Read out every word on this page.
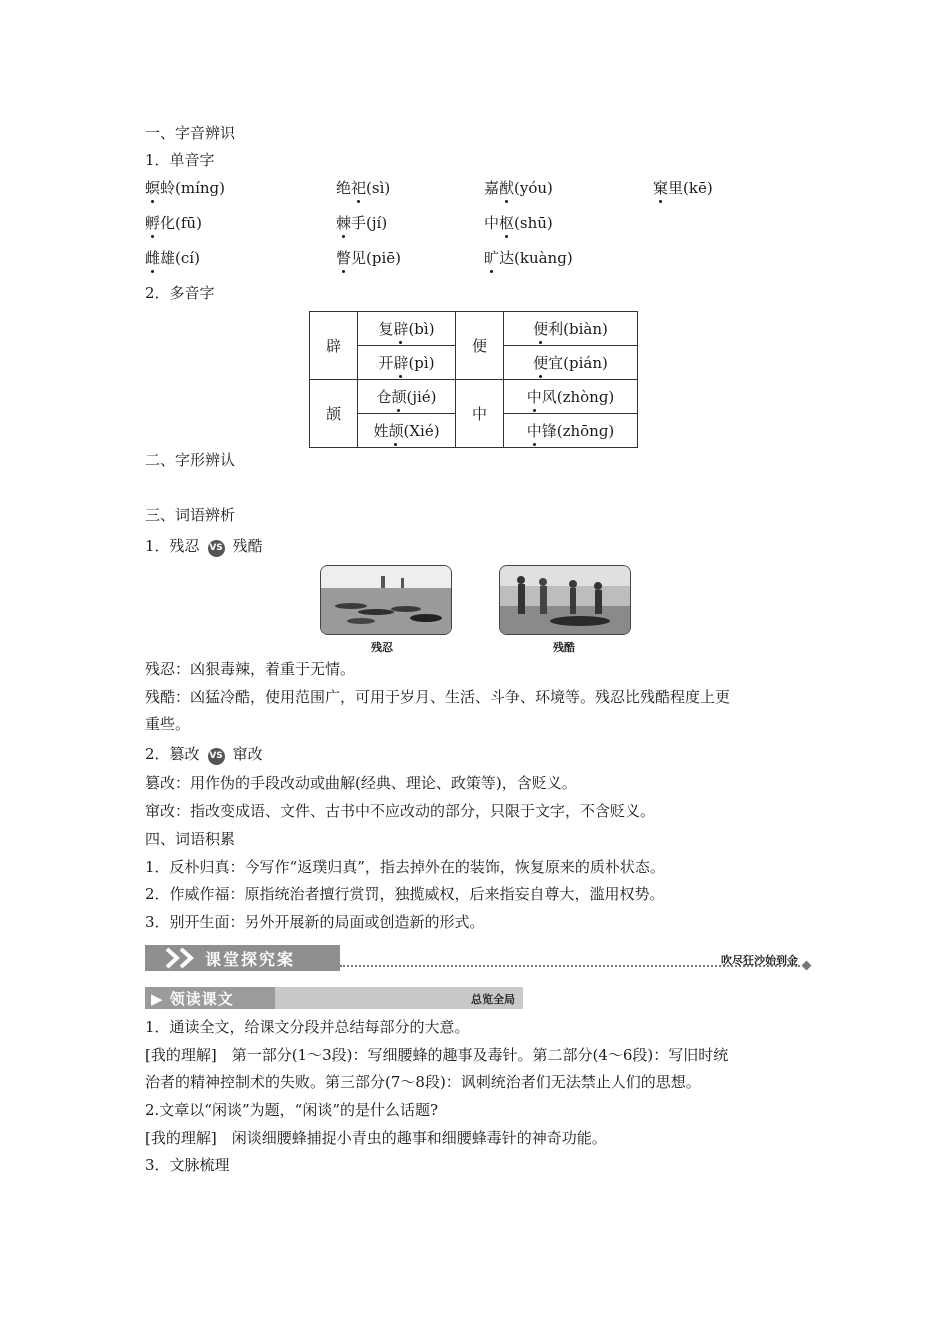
一、字音辨识
1．单音字
螟蛉(mínɡ)	绝祀(sì)	嘉猷(yóu)	窠里(kē)
孵化(fū)	棘手(jí)	中枢(shū)
雌雄(cí)	瞥见(piē)	旷达(kuànɡ)
2．多音字
辟	复辟(bì)	便	便利(biàn)
	开辟(pì)		便宜(pián)
颉	仓颉(jié)	中	中风(zhònɡ)
	姓颉(Xié)		中锋(zhōnɡ)
二、字形辨认
三、词语辨析
1．残忍 VS 残酷
残忍	残酷
残忍：凶狠毒辣，着重于无情。
残酷：凶猛冷酷，使用范围广，可用于岁月、生活、斗争、环境等。残忍比残酷程度上更
重些。
2．篡改 VS 窜改
篡改：用作伪的手段改动或曲解(经典、理论、政策等)，含贬义。
窜改：指改变成语、文件、古书中不应改动的部分，只限于文字，不含贬义。
四、词语积累
1．反朴归真：今写作“返璞归真”，指去掉外在的装饰，恢复原来的质朴状态。
2．作威作福：原指统治者擅行赏罚，独揽威权，后来指妄自尊大，滥用权势。
3．别开生面：另外开展新的局面或创造新的形式。
课堂探究案	吹尽狂沙始到金
▶ 领读课文	总览全局
1．通读全文，给课文分段并总结每部分的大意。
[我的理解]　第一部分(1～3段)：写细腰蜂的趣事及毒针。第二部分(4～6段)：写旧时统
治者的精神控制术的失败。第三部分(7～8段)：讽刺统治者们无法禁止人们的思想。
2.文章以“闲谈”为题，“闲谈”的是什么话题?
[我的理解]　闲谈细腰蜂捕捉小青虫的趣事和细腰蜂毒针的神奇功能。
3．文脉梳理
